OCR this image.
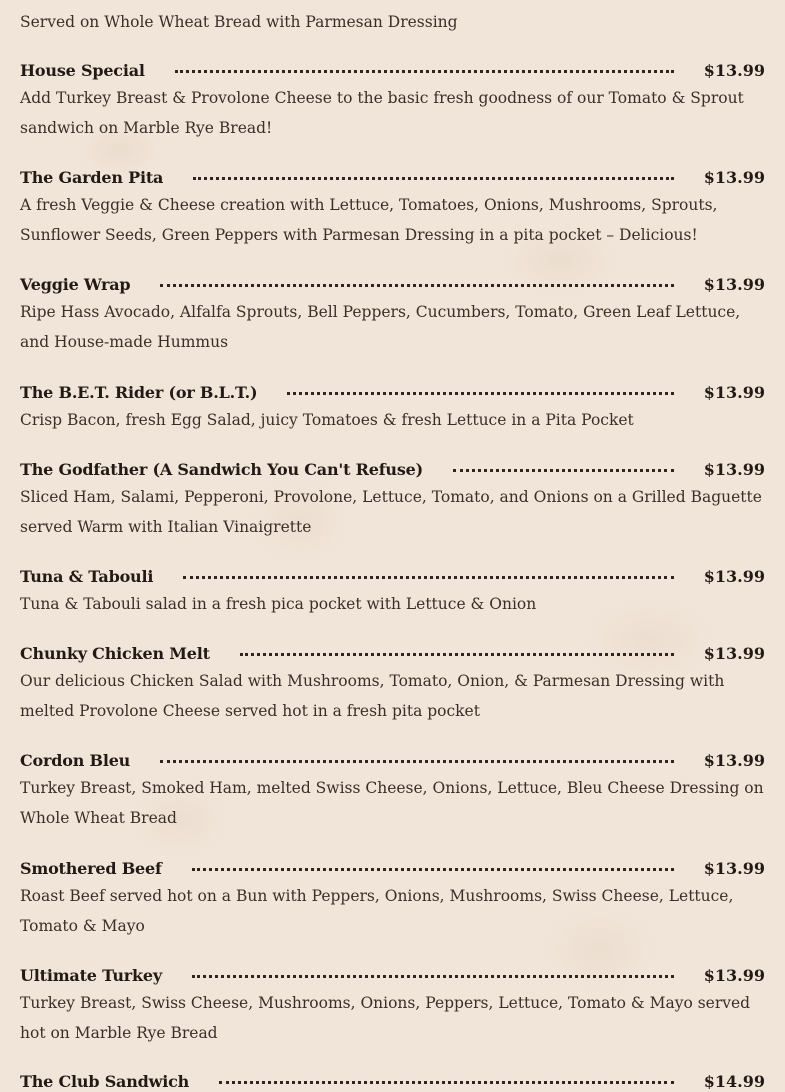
Served on Whole Wheat Bread with Parmesan Dressing

House Special	$13.99
Add Turkey Breast & Provolone Cheese to the basic fresh goodness of our Tomato & Sprout sandwich on Marble Rye Bread!
The Garden Pita	$13.99
A fresh Veggie & Cheese creation with Lettuce, Tomatoes, Onions, Mushrooms, Sprouts, Sunflower Seeds, Green Peppers with Parmesan Dressing in a pita pocket – Delicious!
Veggie Wrap	$13.99
Ripe Hass Avocado, Alfalfa Sprouts, Bell Peppers, Cucumbers, Tomato, Green Leaf Lettuce, and House-made Hummus
The B.E.T. Rider (or B.L.T.)	$13.99
Crisp Bacon, fresh Egg Salad, juicy Tomatoes & fresh Lettuce in a Pita Pocket
The Godfather (A Sandwich You Can't Refuse)	$13.99
Sliced Ham, Salami, Pepperoni, Provolone, Lettuce, Tomato, and Onions on a Grilled Baguette served Warm with Italian Vinaigrette
Tuna & Tabouli	$13.99
Tuna & Tabouli salad in a fresh pica pocket with Lettuce & Onion
Chunky Chicken Melt	$13.99
Our delicious Chicken Salad with Mushrooms, Tomato, Onion, & Parmesan Dressing with melted Provolone Cheese served hot in a fresh pita pocket
Cordon Bleu	$13.99
Turkey Breast, Smoked Ham, melted Swiss Cheese, Onions, Lettuce, Bleu Cheese Dressing on Whole Wheat Bread
Smothered Beef	$13.99
Roast Beef served hot on a Bun with Peppers, Onions, Mushrooms, Swiss Cheese, Lettuce, Tomato & Mayo
Ultimate Turkey	$13.99
Turkey Breast, Swiss Cheese, Mushrooms, Onions, Peppers, Lettuce, Tomato & Mayo served hot on Marble Rye Bread
The Club Sandwich	$14.99
